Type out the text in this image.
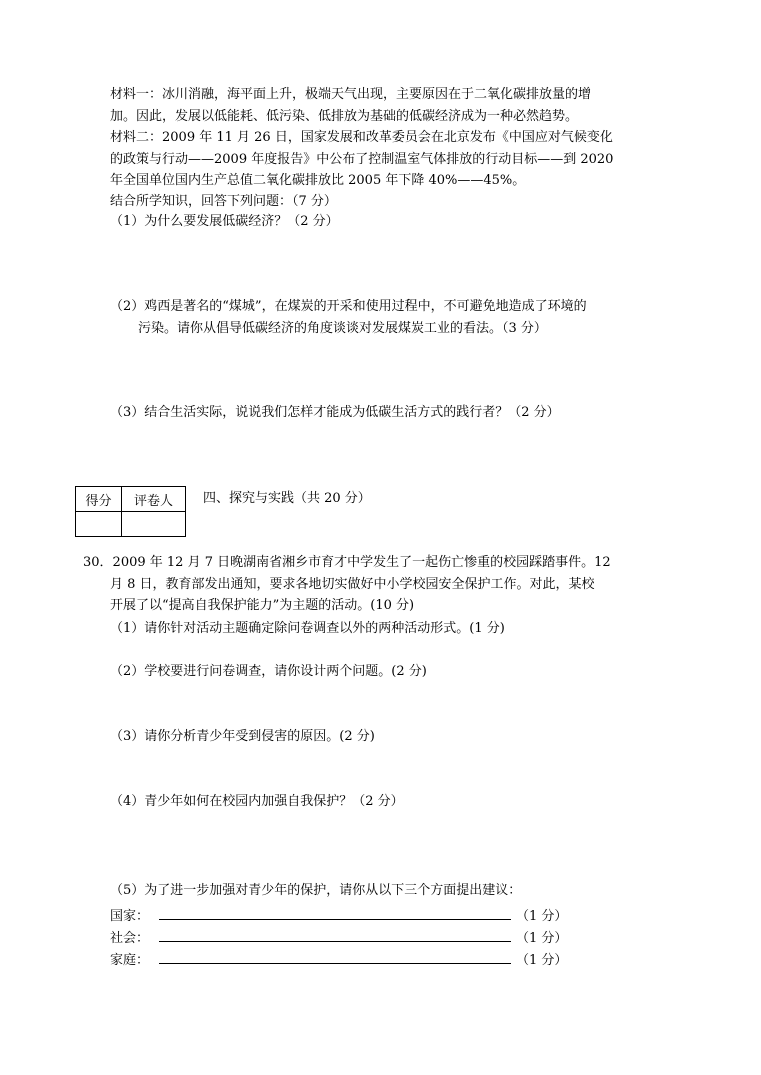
材料一：冰川消融，海平面上升，极端天气出现，主要原因在于二氧化碳排放量的增
加。因此，发展以低能耗、低污染、低排放为基础的低碳经济成为一种必然趋势。
材料二：2009 年 11 月 26 日，国家发展和改革委员会在北京发布《中国应对气候变化
的政策与行动——2009 年度报告》中公布了控制温室气体排放的行动目标——到 2020
年全国单位国内生产总值二氧化碳排放比 2005 年下降 40%——45%。
结合所学知识，回答下列问题：（7 分）
（1）为什么要发展低碳经济？（2 分）
（2）鸡西是著名的“煤城”，在煤炭的开采和使用过程中，不可避免地造成了环境的
污染。请你从倡导低碳经济的角度谈谈对发展煤炭工业的看法。（3 分）
（3）结合生活实际，说说我们怎样才能成为低碳生活方式的践行者？（2 分）
得分	评卷人
	四、探究与实践（共 20 分）
30．2009 年 12 月 7 日晚湖南省湘乡市育才中学发生了一起伤亡惨重的校园踩踏事件。12
月 8 日，教育部发出通知，要求各地切实做好中小学校园安全保护工作。对此，某校
开展了以“提高自我保护能力”为主题的活动。(10 分)
（1）请你针对活动主题确定除问卷调查以外的两种活动形式。(1 分)
（2）学校要进行问卷调查，请你设计两个问题。(2 分)
（3）请你分析青少年受到侵害的原因。(2 分)
（4）青少年如何在校园内加强自我保护？（2 分）
（5）为了进一步加强对青少年的保护，请你从以下三个方面提出建议：
国家：	（1 分）
社会：	（1 分）
家庭：	（1 分）
